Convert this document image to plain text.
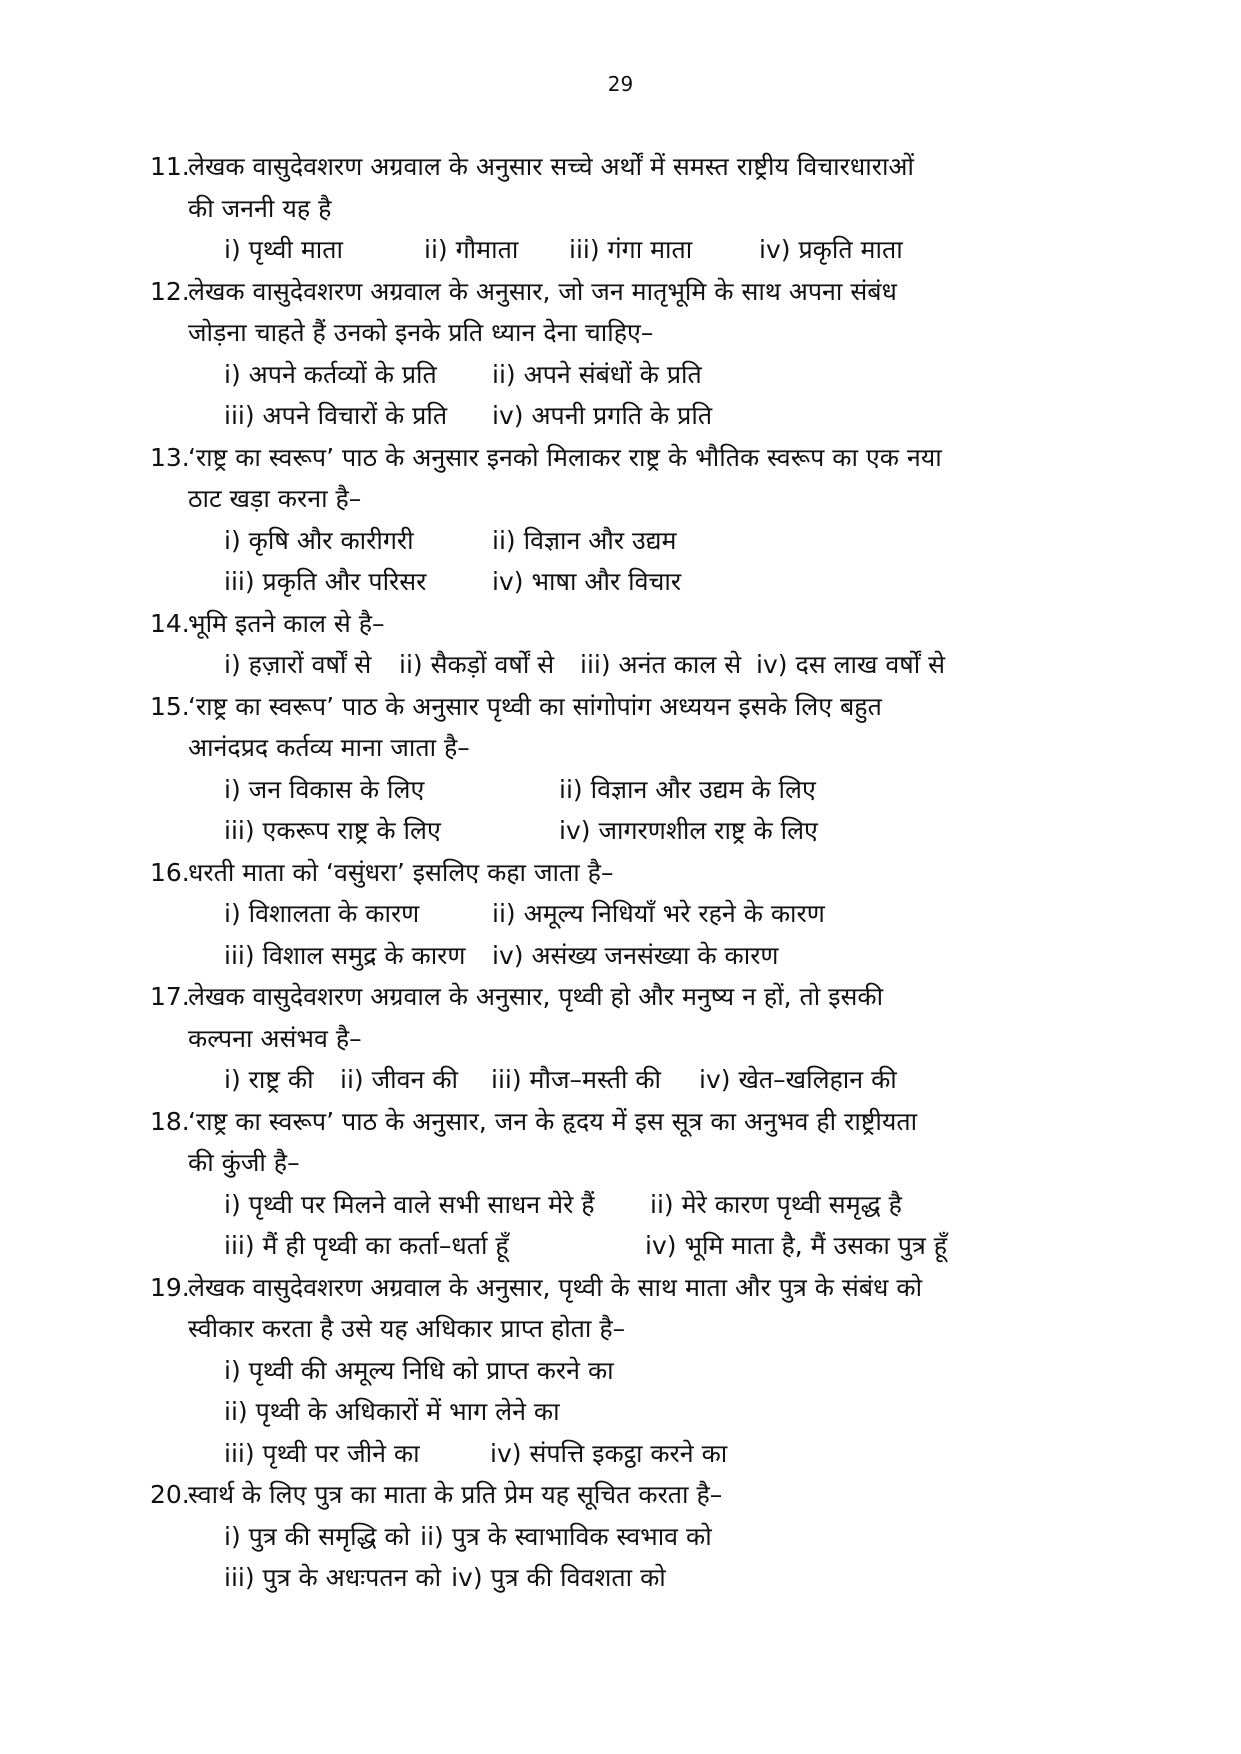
29
11.लेखक वासुदेवशरण अग्रवाल के अनुसार सच्चे अर्थों में समस्त राष्ट्रीय विचारधाराओं
की जननी यह है
i) पृथ्वी माता	ii) गौमाता iii) गंगा माता	iv) प्रकृति माता
12.लेखक वासुदेवशरण अग्रवाल के अनुसार, जो जन मातृभूमि के साथ अपना संबंध
जोड़ना चाहते हैं उनको इनके प्रति ध्यान देना चाहिए–
i) अपने कर्तव्यों के प्रति ii) अपने संबंधों के प्रति
iii) अपने विचारों के प्रति iv) अपनी प्रगति के प्रति
13.‘राष्ट्र का स्वरूप’ पाठ के अनुसार इनको मिलाकर राष्ट्र के भौतिक स्वरूप का एक नया
ठाट खड़ा करना है–
i) कृषि और कारीगरी	ii) विज्ञान और उद्यम
iii) प्रकृति और परिसर	iv) भाषा और विचार
14.भूमि इतने काल से है–
i) हज़ारों वर्षों से ii) सैकड़ों वर्षों से iii) अनंत काल से iv) दस लाख वर्षों से
15.‘राष्ट्र का स्वरूप’ पाठ के अनुसार पृथ्वी का सांगोपांग अध्ययन इसके लिए बहुत
आनंदप्रद कर्तव्य माना जाता है–
i) जन विकास के लिए	ii) विज्ञान और उद्यम के लिए
iii) एकरूप राष्ट्र के लिए	iv) जागरणशील राष्ट्र के लिए
16.धरती माता को ‘वसुंधरा’ इसलिए कहा जाता है–
i) विशालता के कारण	ii) अमूल्य निधियाँ भरे रहने के कारण
iii) विशाल समुद्र के कारण iv) असंख्य जनसंख्या के कारण
17.लेखक वासुदेवशरण अग्रवाल के अनुसार, पृथ्वी हो और मनुष्य न हों, तो इसकी
कल्पना असंभव है–
i) राष्ट्र की ii) जीवन की iii) मौज–मस्ती की iv) खेत–खलिहान की
18.‘राष्ट्र का स्वरूप’ पाठ के अनुसार, जन के हृदय में इस सूत्र का अनुभव ही राष्ट्रीयता
की कुंजी है–
i) पृथ्वी पर मिलने वाले सभी साधन मेरे हैं ii) मेरे कारण पृथ्वी समृद्ध है
iii) मैं ही पृथ्वी का कर्ता–धर्ता हूँ	iv) भूमि माता है, मैं उसका पुत्र हूँ
19.लेखक वासुदेवशरण अग्रवाल के अनुसार, पृथ्वी के साथ माता और पुत्र के संबंध को
स्वीकार करता है उसे यह अधिकार प्राप्त होता है–
i) पृथ्वी की अमूल्य निधि को प्राप्त करने का
ii) पृथ्वी के अधिकारों में भाग लेने का
iii) पृथ्वी पर जीने का	iv) संपत्ति इकट्ठा करने का
20.स्वार्थ के लिए पुत्र का माता के प्रति प्रेम यह सूचित करता है–
i) पुत्र की समृद्धि को ii) पुत्र के स्वाभाविक स्वभाव को
iii) पुत्र के अधःपतन को iv) पुत्र की विवशता को
